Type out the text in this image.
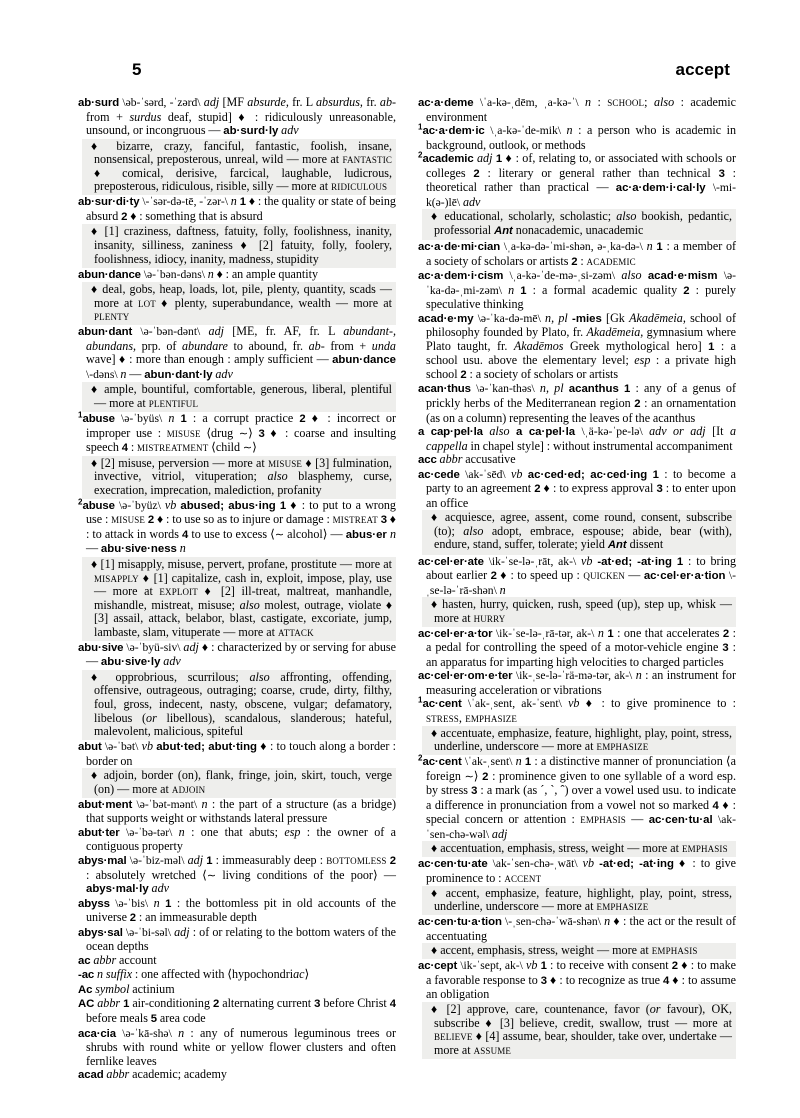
5	accept
ab·surd \əb-ˈsərd, -ˈzərd\ adj [MF absurde, fr. L absurdus, fr. ab- from + surdus deaf, stupid] ♦ : ridiculously unreasonable, unsound, or incongruous — ab·surd·ly adv
♦ bizarre, crazy, fanciful, fantastic, foolish, insane, nonsensical, preposterous, unreal, wild — more at fantastic ♦ comical, derisive, farcical, laughable, ludicrous, preposterous, ridiculous, risible, silly — more at ridiculous
ab·sur·di·ty \-ˈsər-də-tē, -ˈzər-\ n 1 ♦ : the quality or state of being absurd 2 ♦ : something that is absurd
♦ [1] craziness, daftness, fatuity, folly, foolishness, inanity, insanity, silliness, zaniness ♦ [2] fatuity, folly, foolery, foolishness, idiocy, inanity, madness, stupidity
abun·dance \ə-ˈbən-dəns\ n ♦ : an ample quantity
♦ deal, gobs, heap, loads, lot, pile, plenty, quantity, scads — more at lot ♦ plenty, superabundance, wealth — more at plenty
abun·dant \ə-ˈbən-dənt\ adj [ME, fr. AF, fr. L abundant-, abundans, prp. of abundare to abound, fr. ab- from + unda wave] ♦ : more than enough : amply sufficient — abun·dance \-dəns\ n — abun·dant·ly adv
♦ ample, bountiful, comfortable, generous, liberal, plentiful — more at plentiful
$^1$abuse \ə-ˈbyüs\ n 1 : a corrupt practice 2 ♦ : incorrect or improper use : misuse ⟨drug ∼⟩ 3 ♦ : coarse and insulting speech 4 : mistreatment ⟨child ∼⟩
♦ [2] misuse, perversion — more at misuse ♦ [3] fulmination, invective, vitriol, vituperation; also blasphemy, curse, execration, imprecation, malediction, profanity
$^2$abuse \ə-ˈbyüz\ vb abused; abus·ing 1 ♦ : to put to a wrong use : misuse 2 ♦ : to use so as to injure or damage : mistreat 3 ♦ : to attack in words 4 to use to excess ⟨∼ alcohol⟩ — abus·er n — abu·sive·ness n
♦ [1] misapply, misuse, pervert, profane, prostitute — more at misapply ♦ [1] capitalize, cash in, exploit, impose, play, use — more at exploit ♦ [2] ill-treat, maltreat, manhandle, mishandle, mistreat, misuse; also molest, outrage, violate ♦ [3] assail, attack, belabor, blast, castigate, excoriate, jump, lambaste, slam, vituperate — more at attack
abu·sive \ə-ˈbyü-siv\ adj ♦ : characterized by or serving for abuse — abu·sive·ly adv
♦ opprobrious, scurrilous; also affronting, offending, offensive, outrageous, outraging; coarse, crude, dirty, filthy, foul, gross, indecent, nasty, obscene, vulgar; defamatory, libelous (or libellous), scandalous, slanderous; hateful, malevolent, malicious, spiteful
abut \ə-ˈbət\ vb abut·ted; abut·ting ♦ : to touch along a border : border on
♦ adjoin, border (on), flank, fringe, join, skirt, touch, verge (on) — more at adjoin
abut·ment \ə-ˈbət-mənt\ n : the part of a structure (as a bridge) that supports weight or withstands lateral pressure
abut·ter \ə-ˈbə-tər\ n : one that abuts; esp : the owner of a contiguous property
abys·mal \ə-ˈbiz-məl\ adj 1 : immeasurably deep : bottomless 2 : absolutely wretched ⟨∼ living conditions of the poor⟩ — abys·mal·ly adv
abyss \ə-ˈbis\ n 1 : the bottomless pit in old accounts of the universe 2 : an immeasurable depth
abys·sal \ə-ˈbi-səl\ adj : of or relating to the bottom waters of the ocean depths
ac abbr account
-ac n suffix : one affected with ⟨hypochondriac⟩
Ac symbol actinium
AC abbr 1 air-conditioning 2 alternating current 3 before Christ 4 before meals 5 area code
aca·cia \ə-ˈkā-shə\ n : any of numerous leguminous trees or shrubs with round white or yellow flower clusters and often fernlike leaves
acad abbr academic; academy
ac·a·deme \ˈa-kə-ˌdēm, ˌa-kə-ˈ\ n : school; also : academic environment
$^1$ac·a·dem·ic \ˌa-kə-ˈde-mik\ n : a person who is academic in background, outlook, or methods
$^2$academic adj 1 ♦ : of, relating to, or associated with schools or colleges 2 : literary or general rather than technical 3 : theoretical rather than practical — ac·a·dem·i·cal·ly \-mi-k(ə-)lē\ adv
♦ educational, scholarly, scholastic; also bookish, pedantic, professorial Ant nonacademic, unacademic
ac·a·de·mi·cian \ˌa-kə-də-ˈmi-shən, ə-ˌka-də-\ n 1 : a member of a society of scholars or artists 2 : academic
ac·a·dem·i·cism \ˌa-kə-ˈde-mə-ˌsi-zəm\ also acad·e·mism \ə-ˈka-də-ˌmi-zəm\ n 1 : a formal academic quality 2 : purely speculative thinking
acad·e·my \ə-ˈka-də-mē\ n, pl -mies [Gk Akadēmeia, school of philosophy founded by Plato, fr. Akadēmeia, gymnasium where Plato taught, fr. Akadēmos Greek mythological hero] 1 : a school usu. above the elementary level; esp : a private high school 2 : a society of scholars or artists
acan·thus \ə-ˈkan-thəs\ n, pl acanthus 1 : any of a genus of prickly herbs of the Mediterranean region 2 : an ornamentation (as on a column) representing the leaves of the acanthus
a cap·pel·la also a ca·pel·la \ˌä-kə-ˈpe-lə\ adv or adj [It a cappella in chapel style] : without instrumental accompaniment
acc abbr accusative
ac·cede \ak-ˈsēd\ vb ac·ced·ed; ac·ced·ing 1 : to become a party to an agreement 2 ♦ : to express approval 3 : to enter upon an office
♦ acquiesce, agree, assent, come round, consent, subscribe (to); also adopt, embrace, espouse; abide, bear (with), endure, stand, suffer, tolerate; yield Ant dissent
ac·cel·er·ate \ik-ˈse-lə-ˌrāt, ak-\ vb -at·ed; -at·ing 1 : to bring about earlier 2 ♦ : to speed up : quicken — ac·cel·er·a·tion \-ˌse-lə-ˈrā-shən\ n
♦ hasten, hurry, quicken, rush, speed (up), step up, whisk — more at hurry
ac·cel·er·a·tor \ik-ˈse-lə-ˌrā-tər, ak-\ n 1 : one that accelerates 2 : a pedal for controlling the speed of a motor-vehicle engine 3 : an apparatus for imparting high velocities to charged particles
ac·cel·er·om·e·ter \ik-ˌse-lə-ˈrä-mə-tər, ak-\ n : an instrument for measuring acceleration or vibrations
$^1$ac·cent \ˈak-ˌsent, ak-ˈsent\ vb ♦ : to give prominence to : stress, emphasize
♦ accentuate, emphasize, feature, highlight, play, point, stress, underline, underscore — more at emphasize
$^2$ac·cent \ˈak-ˌsent\ n 1 : a distinctive manner of pronunciation ⟨a foreign ∼⟩ 2 : prominence given to one syllable of a word esp. by stress 3 : a mark (as ´, `, ˆ) over a vowel used usu. to indicate a difference in pronunciation from a vowel not so marked 4 ♦ : special concern or attention : emphasis — ac·cen·tu·al \ak-ˈsen-chə-wəl\ adj
♦ accentuation, emphasis, stress, weight — more at emphasis
ac·cen·tu·ate \ak-ˈsen-chə-ˌwāt\ vb -at·ed; -at·ing ♦ : to give prominence to : accent
♦ accent, emphasize, feature, highlight, play, point, stress, underline, underscore — more at emphasize
ac·cen·tu·a·tion \-ˌsen-chə-ˈwā-shən\ n ♦ : the act or the result of accentuating
♦ accent, emphasis, stress, weight — more at emphasis
ac·cept \ik-ˈsept, ak-\ vb 1 : to receive with consent 2 ♦ : to make a favorable response to 3 ♦ : to recognize as true 4 ♦ : to assume an obligation
♦ [2] approve, care, countenance, favor (or favour), OK, subscribe ♦ [3] believe, credit, swallow, trust — more at believe ♦ [4] assume, bear, shoulder, take over, undertake — more at assume
